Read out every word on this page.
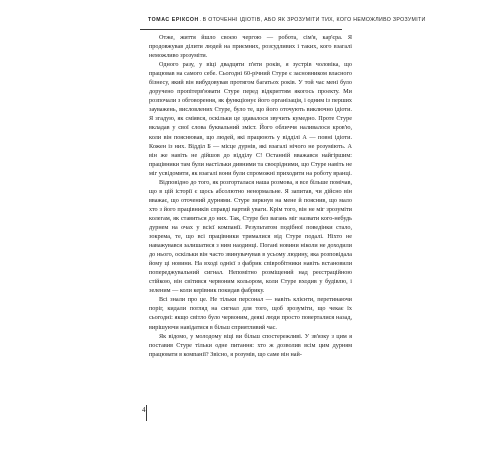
ТОМАС ЕРІКСОН.В ОТОЧЕННІ ІДІОТІВ, АБО ЯК ЗРОЗУМІТИ ТИХ, КОГО НЕМОЖЛИВО ЗРОЗУМІТИ

Отже, життя йшло своєю чергою — робота, сім'я, кар'єра. Я продовжував ділити людей на приємних, розсудливих і таких, кого взагалі неможливо зрозуміти.

Одного разу, у віці двадцяти п'яти років, я зустрів чоловіка, що працював на самого себе. Сьогодні 60-річний Стуре є засновником власного бізнесу, який він вибудовував протягом багатьох років. У той час мені було доручено пропітерв'ювати Стуре перед відкриттям якогось проекту. Ми розпочали з обговорення, як функціонує його організація, і одним із перших зауважень, висловлених Стуре, було те, що його оточують виключно ідіоти. Я згадую, як сміявся, оскільки це здавалося звучить кумедно. Проте Стуре вкладав у свої слова буквальний зміст. Його обличчя наливалося кров'ю, коли він пояснював, що людей, які працюють у відділі А — повні ідіоти. Кожен із них. Відділ Б — місце дурнів, які взагалі нічого не розуміють. А він же навіть не дійшов до відділу С! Останній вважався найгіршим: працівники там були настільки дивними та своєрідними, що Стуре навіть не міг усвідомити, як взагалі вони були спроможні приходити на роботу вранці.

Відповідно до того, як розгорталася наша розмова, я все більше помічав, що в цій історії є щось абсолютно ненормальне. Я запитав, чи дійсно він вважає, що оточений дурнями. Стуре зиркнув на мене й пояснив, що мало хто з його працівників справді вартий уваги. Крім того, він не міг зрозуміти колегам, як ставиться до них. Так, Стуре без вагань міг назвати кого-небудь дурнем на очах у всієї компанії. Результатом подібної поведінки стало, зокрема, те, що всі працівники трималися від Стуре подалі. Ніхто не наважувався залишатися з ним наодинці. Погані новини ніколи не доходили до нього, оскільки він часто звинувачував в усьому людину, яка розповідала йому ці новини. На вході однієї з фабрик співробітники навіть встановили попереджувальний сигнал. Непомітно розміщений над реєстраційною стійкою, він світився червоним кольором, коли Стуре входив у будівлю, і зеленим — коли керівник покидав фабрику.

Всі знали про це. Не тільки персонал — навіть клієнти, перетинаючи поріг, кидали погляд на сигнал для того, щоб зрозуміти, що чекає їх сьогодні: якщо світло було червоним, деякі люди просто поверталися назад, вирішуючи навідатися в більш сприятливий час.

Як відомо, у молодому віці ви більш спостережливі. У зв'язку з цим я поставив Стуре тільки одне питання: хто ж дозволив всім цим дурням працювати в компанії? Звісно, я розумів, що саме він най-

4
